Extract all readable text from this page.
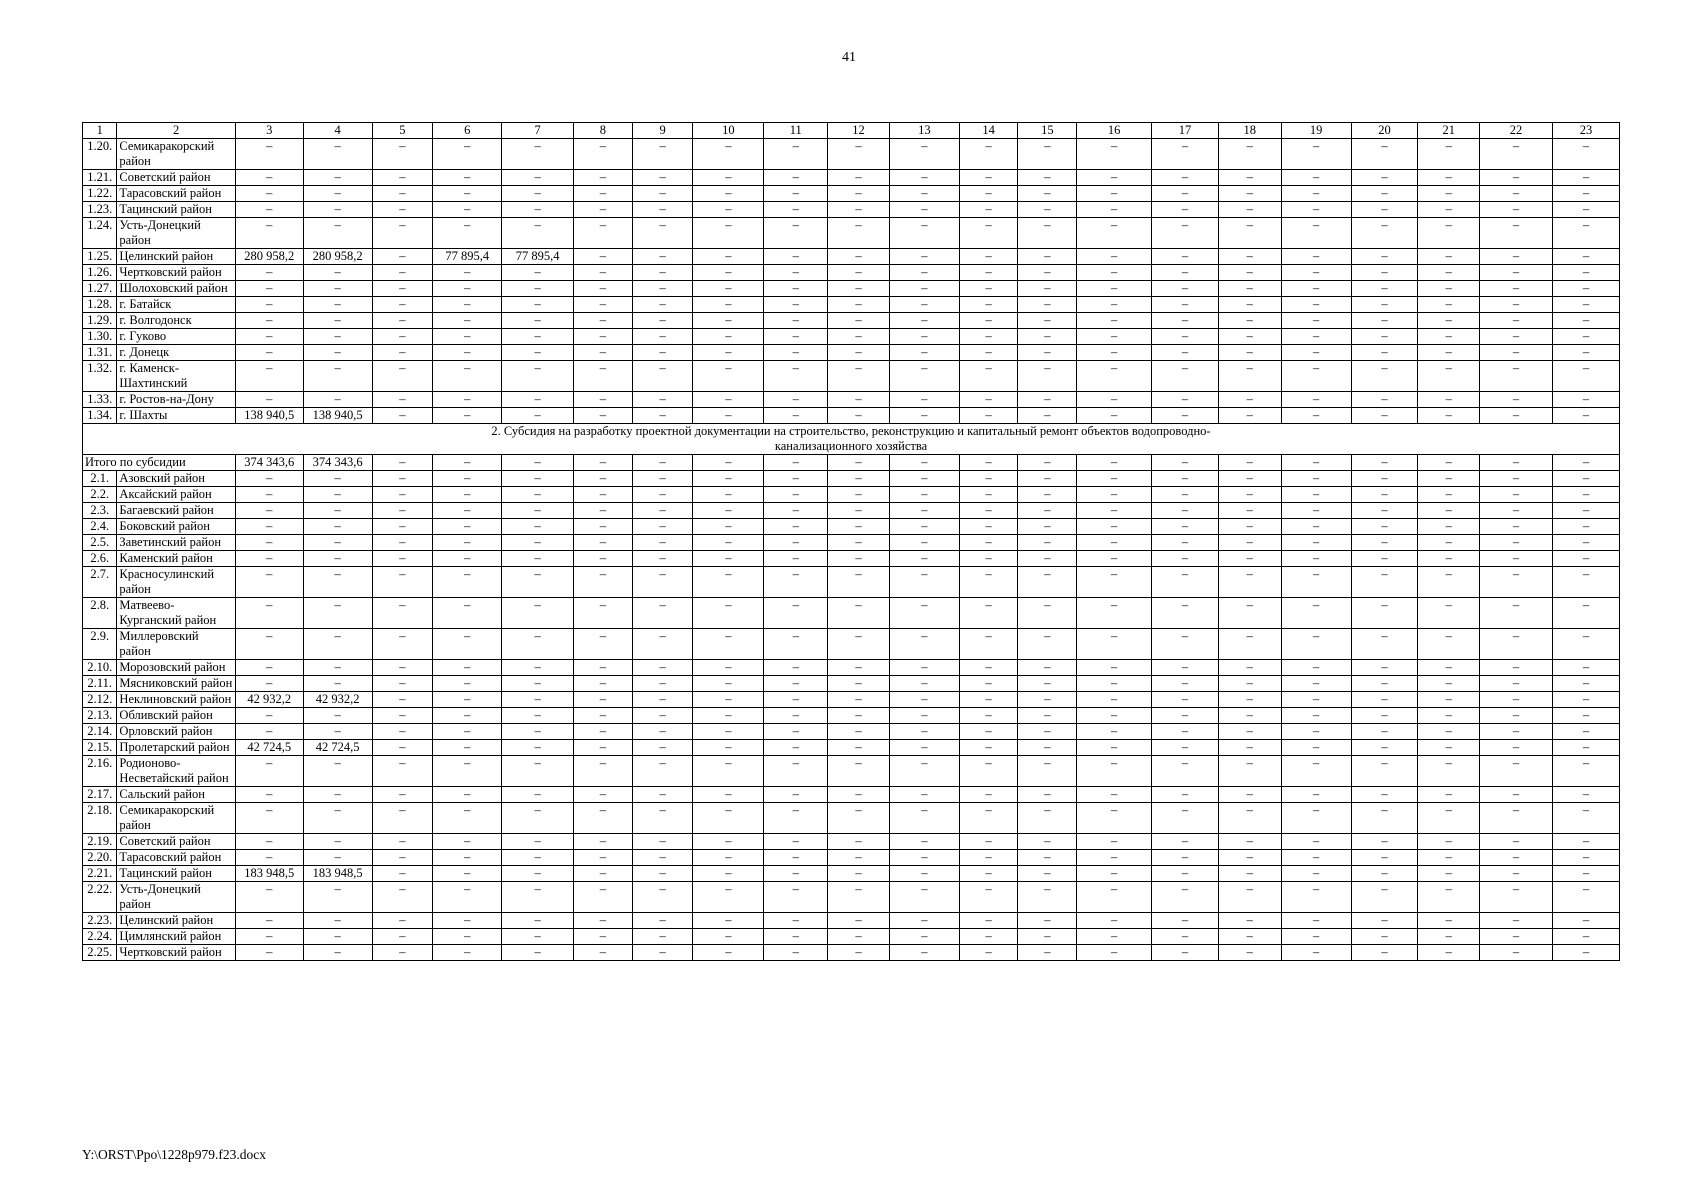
41
1	2	3	4	5	6	7	8	9	10	11	12	13	14	15	16	17	18	19	20	21	22	23
1.20.	Семикаракорский район	–	–	–	–	–	–	–	–	–	–	–	–	–	–	–	–	–	–	–	–	–
1.21.	Советский район	–	–	–	–	–	–	–	–	–	–	–	–	–	–	–	–	–	–	–	–	–
1.22.	Тарасовский район	–	–	–	–	–	–	–	–	–	–	–	–	–	–	–	–	–	–	–	–	–
1.23.	Тацинский район	–	–	–	–	–	–	–	–	–	–	–	–	–	–	–	–	–	–	–	–	–
1.24.	Усть-Донецкий район	–	–	–	–	–	–	–	–	–	–	–	–	–	–	–	–	–	–	–	–	–
1.25.	Целинский район	280 958,2	280 958,2	–	77 895,4	77 895,4	–	–	–	–	–	–	–	–	–	–	–	–	–	–	–	–
1.26.	Чертковский район	–	–	–	–	–	–	–	–	–	–	–	–	–	–	–	–	–	–	–	–	–
1.27.	Шолоховский район	–	–	–	–	–	–	–	–	–	–	–	–	–	–	–	–	–	–	–	–	–
1.28.	г. Батайск	–	–	–	–	–	–	–	–	–	–	–	–	–	–	–	–	–	–	–	–	–
1.29.	г. Волгодонск	–	–	–	–	–	–	–	–	–	–	–	–	–	–	–	–	–	–	–	–	–
1.30.	г. Гуково	–	–	–	–	–	–	–	–	–	–	–	–	–	–	–	–	–	–	–	–	–
1.31.	г. Донецк	–	–	–	–	–	–	–	–	–	–	–	–	–	–	–	–	–	–	–	–	–
1.32.	г. Каменск-Шахтинский	–	–	–	–	–	–	–	–	–	–	–	–	–	–	–	–	–	–	–	–	–
1.33.	г. Ростов-на-Дону	–	–	–	–	–	–	–	–	–	–	–	–	–	–	–	–	–	–	–	–	–
1.34.	г. Шахты	138 940,5	138 940,5	–	–	–	–	–	–	–	–	–	–	–	–	–	–	–	–	–	–	–
2. Субсидия на разработку проектной документации на строительство, реконструкцию и капитальный ремонт объектов водопроводно-канализационного хозяйства																						
Итого по субсидии		374 343,6	374 343,6	–	–	–	–	–	–	–	–	–	–	–	–	–	–	–	–	–	–	–
2.1.	Азовский район	–	–	–	–	–	–	–	–	–	–	–	–	–	–	–	–	–	–	–	–	–
2.2.	Аксайский район	–	–	–	–	–	–	–	–	–	–	–	–	–	–	–	–	–	–	–	–	–
2.3.	Багаевский район	–	–	–	–	–	–	–	–	–	–	–	–	–	–	–	–	–	–	–	–	–
2.4.	Боковский район	–	–	–	–	–	–	–	–	–	–	–	–	–	–	–	–	–	–	–	–	–
2.5.	Заветинский район	–	–	–	–	–	–	–	–	–	–	–	–	–	–	–	–	–	–	–	–	–
2.6.	Каменский район	–	–	–	–	–	–	–	–	–	–	–	–	–	–	–	–	–	–	–	–	–
2.7.	Красносулинский район	–	–	–	–	–	–	–	–	–	–	–	–	–	–	–	–	–	–	–	–	–
2.8.	Матвеево-Курганский район	–	–	–	–	–	–	–	–	–	–	–	–	–	–	–	–	–	–	–	–	–
2.9.	Миллеровский район	–	–	–	–	–	–	–	–	–	–	–	–	–	–	–	–	–	–	–	–	–
2.10.	Морозовский район	–	–	–	–	–	–	–	–	–	–	–	–	–	–	–	–	–	–	–	–	–
2.11.	Мясниковский район	–	–	–	–	–	–	–	–	–	–	–	–	–	–	–	–	–	–	–	–	–
2.12.	Неклиновский район	42 932,2	42 932,2	–	–	–	–	–	–	–	–	–	–	–	–	–	–	–	–	–	–	–
2.13.	Обливский район	–	–	–	–	–	–	–	–	–	–	–	–	–	–	–	–	–	–	–	–	–
2.14.	Орловский район	–	–	–	–	–	–	–	–	–	–	–	–	–	–	–	–	–	–	–	–	–
2.15.	Пролетарский район	42 724,5	42 724,5	–	–	–	–	–	–	–	–	–	–	–	–	–	–	–	–	–	–	–
2.16.	Родионово-Несветайский район	–	–	–	–	–	–	–	–	–	–	–	–	–	–	–	–	–	–	–	–	–
2.17.	Сальский район	–	–	–	–	–	–	–	–	–	–	–	–	–	–	–	–	–	–	–	–	–
2.18.	Семикаракорский район	–	–	–	–	–	–	–	–	–	–	–	–	–	–	–	–	–	–	–	–	–
2.19.	Советский район	–	–	–	–	–	–	–	–	–	–	–	–	–	–	–	–	–	–	–	–	–
2.20.	Тарасовский район	–	–	–	–	–	–	–	–	–	–	–	–	–	–	–	–	–	–	–	–	–
2.21.	Тацинский район	183 948,5	183 948,5	–	–	–	–	–	–	–	–	–	–	–	–	–	–	–	–	–	–	–
2.22.	Усть-Донецкий район	–	–	–	–	–	–	–	–	–	–	–	–	–	–	–	–	–	–	–	–	–
2.23.	Целинский район	–	–	–	–	–	–	–	–	–	–	–	–	–	–	–	–	–	–	–	–	–
2.24.	Цимлянский район	–	–	–	–	–	–	–	–	–	–	–	–	–	–	–	–	–	–	–	–	–
2.25.	Чертковский район	–	–	–	–	–	–	–	–	–	–	–	–	–	–	–	–	–	–	–	–	–
Y:\ORST\Ppo\1228p979.f23.docx
